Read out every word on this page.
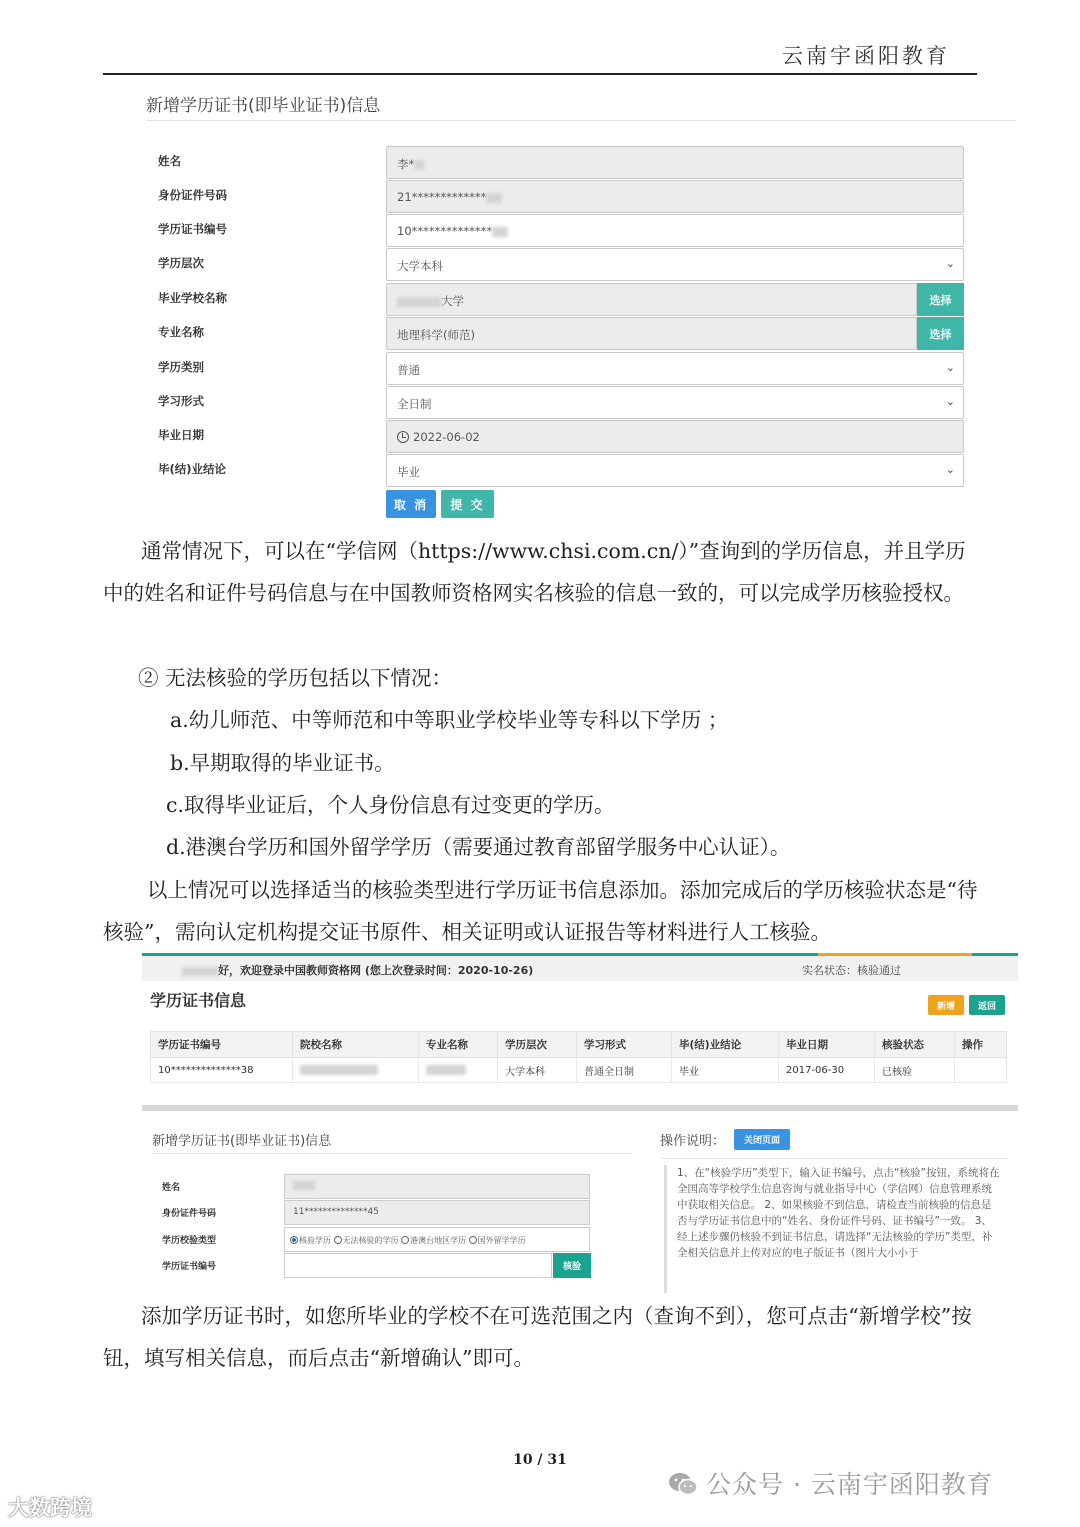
云南宇函阳教育
新增学历证书(即毕业证书)信息
姓名	李*
身份证件号码	21*************
学历证书编号	10**************
学历层次	大学本科	⌄
毕业学校名称	大学	选择
专业名称	地理科学(师范)	选择
学历类别	普通	⌄
学习形式	全日制	⌄
毕业日期	2022-06-02
毕(结)业结论	毕业	⌄
取 消	提 交
通常情况下，可以在“学信网（https://www.chsi.com.cn/）”查询到的学历信息，并且学历中的姓名和证件号码信息与在中国教师资格网实名核验的信息一致的，可以完成学历核验授权。
② 无法核验的学历包括以下情况：
a.幼儿师范、中等师范和中等职业学校毕业等专科以下学历 ；
b.早期取得的毕业证书。
c.取得毕业证后，个人身份信息有过变更的学历。
d.港澳台学历和国外留学学历（需要通过教育部留学服务中心认证）。
以上情况可以选择适当的核验类型进行学历证书信息添加。添加完成后的学历核验状态是“待核验”，需向认定机构提交证书原件、相关证明或认证报告等材料进行人工核验。
好，欢迎登录中国教师资格网 (您上次登录时间：2020-10-26)	实名状态：核验通过
学历证书信息	新增	返回
学历证书编号	院校名称	专业名称	学历层次	学习形式	毕(结)业结论	毕业日期	核验状态	操作
10**************38			大学本科	普通全日制	毕业	2017-06-30	已核验	
新增学历证书(即毕业证书)信息
姓名
身份证件号码	11**************45
学历校验类型	核验学历 无法核验的学历 港澳台地区学历 国外留学学历
学历证书编号	核验
操作说明：	关闭页面
1、在“核验学历”类型下，输入证书编号，点击“核验”按钮，系统将在全国高等学校学生信息咨询与就业指导中心（学信网）信息管理系统中获取相关信息。 2、如果核验不到信息，请检查当前核验的信息是否与学历证书信息中的“姓名、身份证件号码、证书编号”一致。 3、经上述步骤仍核验不到证书信息，请选择“无法核验的学历”类型，补全相关信息并上传对应的电子版证书（图片大小小于
添加学历证书时，如您所毕业的学校不在可选范围之内（查询不到），您可点击“新增学校”按钮，填写相关信息，而后点击“新增确认”即可。
10 / 31
公众号 · 云南宇函阳教育
大数跨境
